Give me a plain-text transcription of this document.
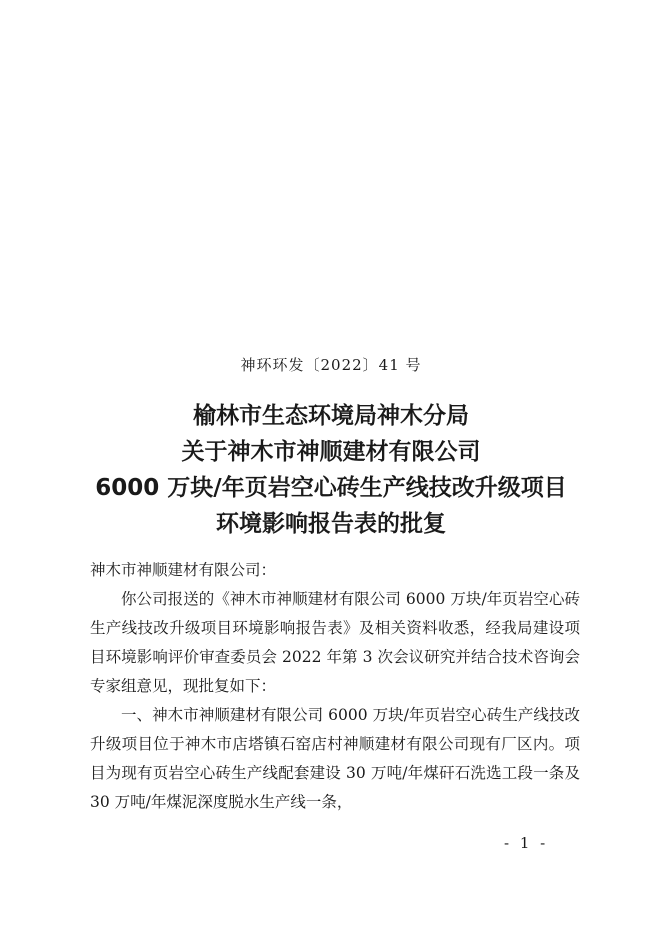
神环环发〔2022〕41 号
榆林市生态环境局神木分局
关于神木市神顺建材有限公司
6000 万块/年页岩空心砖生产线技改升级项目
环境影响报告表的批复

神木市神顺建材有限公司：

你公司报送的《神木市神顺建材有限公司 6000 万块/年页岩空心砖生产线技改升级项目环境影响报告表》及相关资料收悉，经我局建设项目环境影响评价审查委员会 2022 年第 3 次会议研究并结合技术咨询会专家组意见，现批复如下：

一、神木市神顺建材有限公司 6000 万块/年页岩空心砖生产线技改升级项目位于神木市店塔镇石窑店村神顺建材有限公司现有厂区内。项目为现有页岩空心砖生产线配套建设 30 万吨/年煤矸石洗选工段一条及 30 万吨/年煤泥深度脱水生产线一条，

- 1 -
